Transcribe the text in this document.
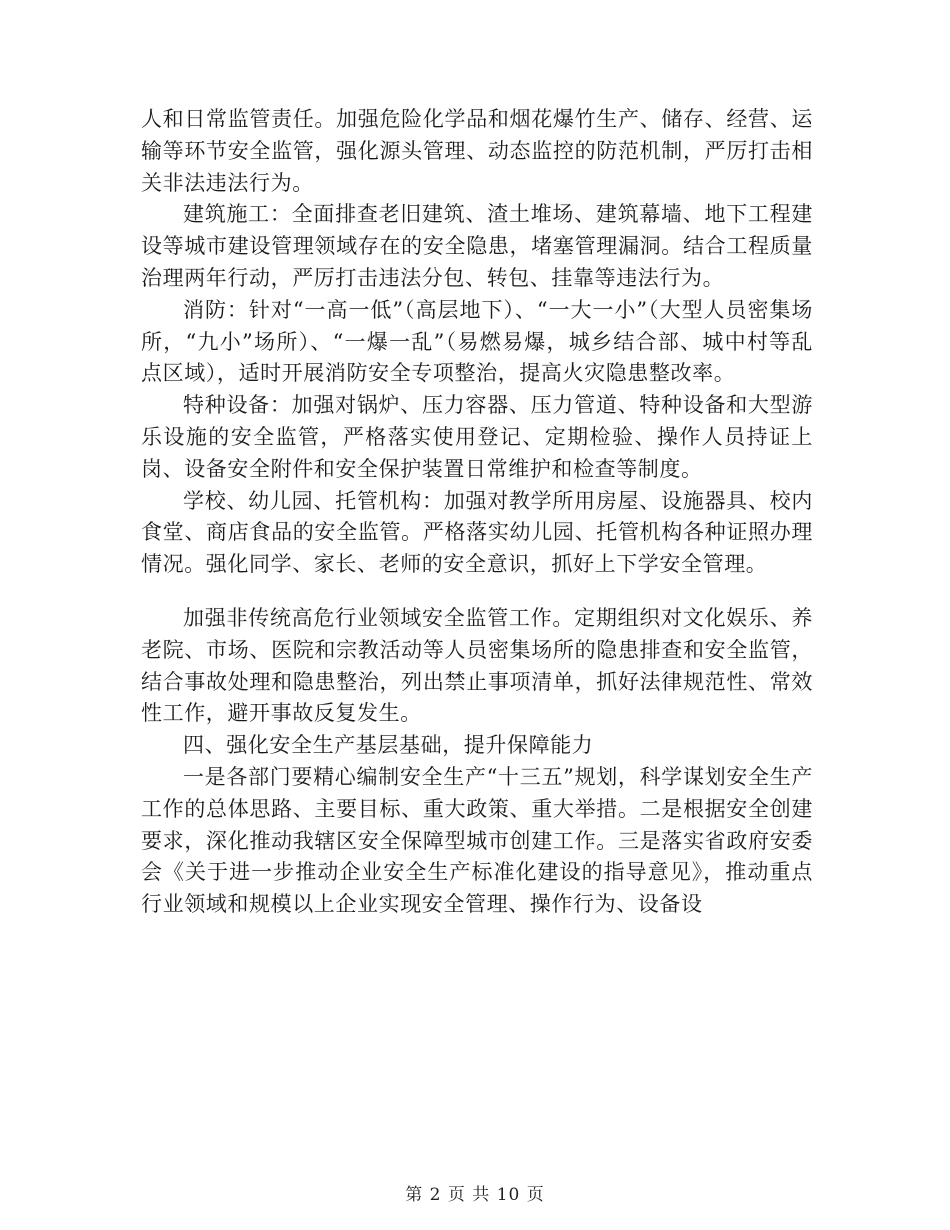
人和日常监管责任。加强危险化学品和烟花爆竹生产、储存、经营、运输等环节安全监管，强化源头管理、动态监控的防范机制，严厉打击相关非法违法行为。

建筑施工：全面排查老旧建筑、渣土堆场、建筑幕墙、地下工程建设等城市建设管理领域存在的安全隐患，堵塞管理漏洞。结合工程质量治理两年行动，严厉打击违法分包、转包、挂靠等违法行为。

消防：针对“一高一低”（高层地下）、“一大一小”（大型人员密集场所，“九小”场所）、“一爆一乱”（易燃易爆，城乡结合部、城中村等乱点区域），适时开展消防安全专项整治，提高火灾隐患整改率。

特种设备：加强对锅炉、压力容器、压力管道、特种设备和大型游乐设施的安全监管，严格落实使用登记、定期检验、操作人员持证上岗、设备安全附件和安全保护装置日常维护和检查等制度。

学校、幼儿园、托管机构：加强对教学所用房屋、设施器具、校内食堂、商店食品的安全监管。严格落实幼儿园、托管机构各种证照办理情况。强化同学、家长、老师的安全意识，抓好上下学安全管理。

加强非传统高危行业领域安全监管工作。定期组织对文化娱乐、养老院、市场、医院和宗教活动等人员密集场所的隐患排查和安全监管，结合事故处理和隐患整治，列出禁止事项清单，抓好法律规范性、常效性工作，避开事故反复发生。

四、强化安全生产基层基础，提升保障能力

一是各部门要精心编制安全生产“十三五”规划，科学谋划安全生产工作的总体思路、主要目标、重大政策、重大举措。二是根据安全创建要求，深化推动我辖区安全保障型城市创建工作。三是落实省政府安委会《关于进一步推动企业安全生产标准化建设的指导意见》，推动重点行业领域和规模以上企业实现安全管理、操作行为、设备设

第 2 页 共 10 页
